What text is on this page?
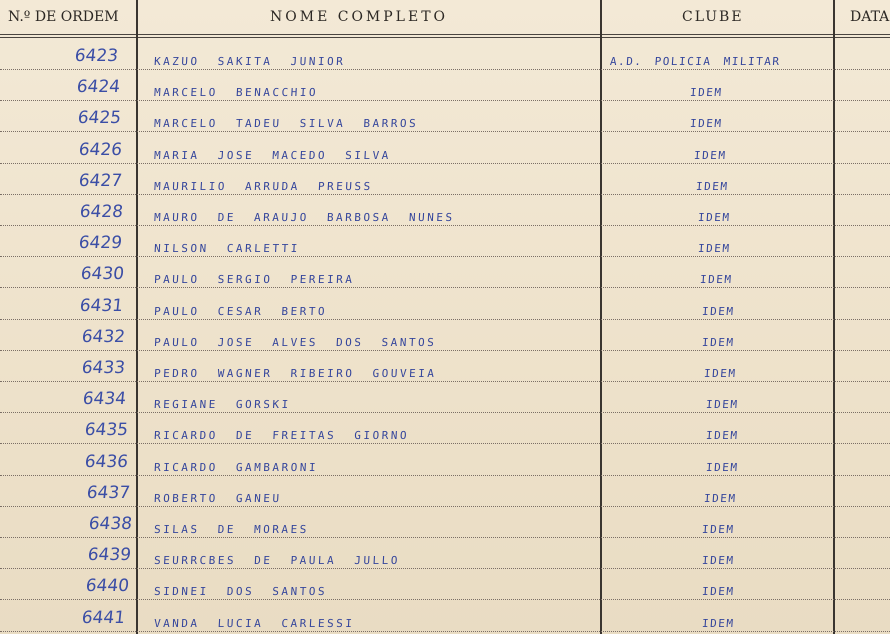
N.º DE ORDEM	NOME COMPLETO	CLUBE	DATA
6423	KAZUO SAKITA JUNIOR	A.D. POLICIA MILITAR
6424	MARCELO BENACCHIO	IDEM
6425	MARCELO TADEU SILVA BARROS	IDEM
6426	MARIA JOSE MACEDO SILVA	IDEM
6427	MAURILIO ARRUDA PREUSS	IDEM
6428	MAURO DE ARAUJO BARBOSA NUNES	IDEM
6429	NILSON CARLETTI	IDEM
6430	PAULO SERGIO PEREIRA	IDEM
6431	PAULO CESAR BERTO	IDEM
6432	PAULO JOSE ALVES DOS SANTOS	IDEM
6433	PEDRO WAGNER RIBEIRO GOUVEIA	IDEM
6434 REGIANE GORSKI	IDEM
6435 RICARDO DE FREITAS GIORNO	IDEM
6436 RICARDO GAMBARONI	IDEM
6437 ROBERTO GANEU	IDEM
6438 SILAS DE MORAES	IDEM
6439 SEURRCBES DE PAULA JULLO	IDEM
6440 SIDNEI DOS SANTOS	IDEM
6441	VANDA LUCIA CARLESSI	IDEM
